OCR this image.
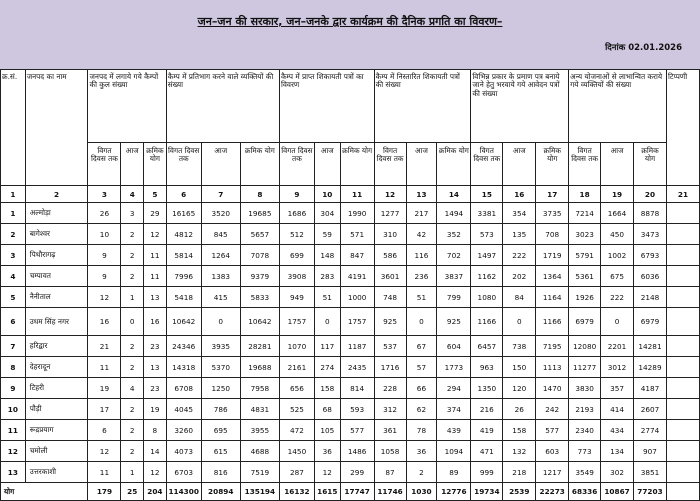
जन–जन की सरकार, जन–जनके द्वार कार्यक्रम की दैनिक प्रगति का विवरण–
दिनांक 02.01.2026
क्र.सं.	जनपद का नाम	जनपद में लगाये गये कैम्पों की कुल संख्या			कैम्प में प्रतिभाग करने वाले व्यक्तियों की संख्या			कैम्प में प्राप्त शिकायती पत्रों का विवरण			कैम्प में निस्तारित शिकायती पत्रों की संख्या			विभिन्न प्रकार के प्रमाण पत्र बनाये जाने हेतु भरवाये गये आवेदन पत्रों की संख्या			अन्य योजनाओं से लाभान्वित कराये गये व्यक्तियों की संख्या			टिप्पणी
		विगत दिवस तक	आज	क्रमिक योग	विगत दिवस तक	आज	क्रमिक योग	विगत दिवस तक	आज	क्रमिक योग	विगत दिवस तक	आज	क्रमिक योग	विगत दिवस तक	आज	क्रमिक योग	विगत दिवस तक	आज	क्रमिक योग	
1	2	3	4	5	6	7	8	9	10	11	12	13	14	15	16	17	18	19	20	21
1	अल्मोड़ा	26	3	29	16165	3520	19685	1686	304	1990	1277	217	1494	3381	354	3735	7214	1664	8878	
2	बागेश्वर	10	2	12	4812	845	5657	512	59	571	310	42	352	573	135	708	3023	450	3473	
3	पिथौरागढ़	9	2	11	5814	1264	7078	699	148	847	586	116	702	1497	222	1719	5791	1002	6793	
4	चम्पावत	9	2	11	7996	1383	9379	3908	283	4191	3601	236	3837	1162	202	1364	5361	675	6036	
5	नैनीताल	12	1	13	5418	415	5833	949	51	1000	748	51	799	1080	84	1164	1926	222	2148	
6	उधम सिंह नगर	16	0	16	10642	0	10642	1757	0	1757	925	0	925	1166	0	1166	6979	0	6979	
7	हरिद्वार	21	2	23	24346	3935	28281	1070	117	1187	537	67	604	6457	738	7195	12080	2201	14281	
8	देहरादून	11	2	13	14318	5370	19688	2161	274	2435	1716	57	1773	963	150	1113	11277	3012	14289	
9	टिहरी	19	4	23	6708	1250	7958	656	158	814	228	66	294	1350	120	1470	3830	357	4187	
10	पौड़ी	17	2	19	4045	786	4831	525	68	593	312	62	374	216	26	242	2193	414	2607	
11	रूद्रप्रयाग	6	2	8	3260	695	3955	472	105	577	361	78	439	419	158	577	2340	434	2774	
12	चमोली	12	2	14	4073	615	4688	1450	36	1486	1058	36	1094	471	132	603	773	134	907	
13	उत्तरकाशी	11	1	12	6703	816	7519	287	12	299	87	2	89	999	218	1217	3549	302	3851	
योग		179	25	204	114300	20894	135194	16132	1615	17747	11746	1030	12776	19734	2539	22273	68336	10867	77203	
